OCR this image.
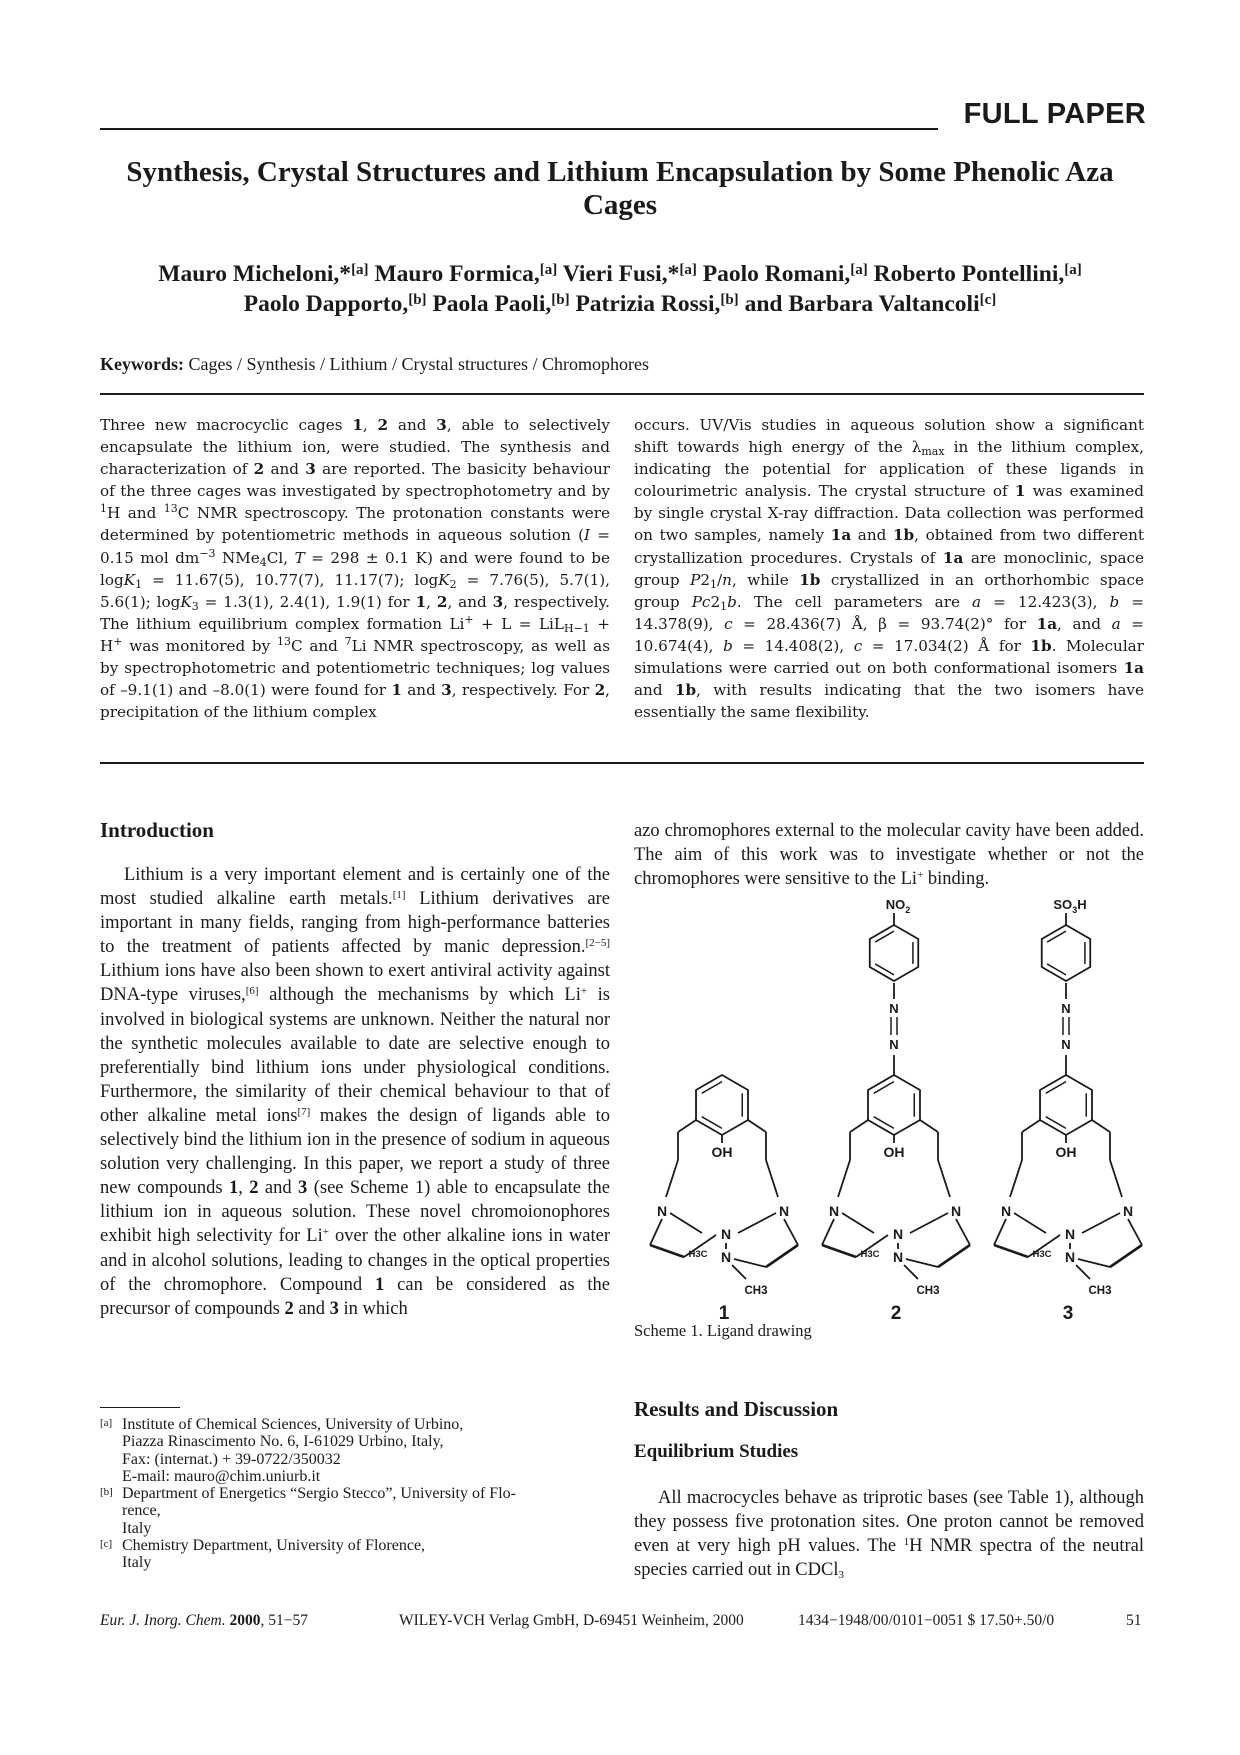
FULL PAPER
Synthesis, Crystal Structures and Lithium Encapsulation by Some Phenolic Aza Cages
Mauro Micheloni,*[a] Mauro Formica,[a] Vieri Fusi,*[a] Paolo Romani,[a] Roberto Pontellini,[a]
Paolo Dapporto,[b] Paola Paoli,[b] Patrizia Rossi,[b] and Barbara Valtancoli[c]
Keywords: Cages / Synthesis / Lithium / Crystal structures / Chromophores
Three new macrocyclic cages 1, 2 and 3, able to selectively encapsulate the lithium ion, were studied. The synthesis and characterization of 2 and 3 are reported. The basicity behaviour of the three cages was investigated by spectrophotometry and by $^1$H and $^{13}$C NMR spectroscopy. The protonation constants were determined by potentiometric methods in aqueous solution (I = 0.15 mol $dm^{-3}$ NMe$_4$Cl, T = 298 ± 0.1 K) and were found to be logK$_1$ = 11.67(5), 10.77(7), 11.17(7); logK$_2$ = 7.76(5), 5.7(1), 5.6(1); logK$_3$ = 1.3(1), 2.4(1), 1.9(1) for 1, 2, and 3, respectively. The lithium equilibrium complex formation Li+ + L = LiL$_{H-1}$ + H+ was monitored by $^{13}$C and $^7$Li NMR spectroscopy, as well as by spectrophotometric and potentiometric techniques; log values of –9.1(1) and –8.0(1) were found for 1 and 3, respectively. For 2, precipitation of the lithium complex
occurs. UV/Vis studies in aqueous solution show a significant shift towards high energy of the $\lambda_{max}$ in the lithium complex, indicating the potential for application of these ligands in colourimetric analysis. The crystal structure of 1 was examined by single crystal X-ray diffraction. Data collection was performed on two samples, namely 1a and 1b, obtained from two different crystallization procedures. Crystals of 1a are monoclinic, space group $P2_1/n$, while 1b crystallized in an orthorhombic space group $Pc2_1b$. The cell parameters are a = 12.423(3), b = 14.378(9), c = 28.436(7) Å, β = 93.74(2)° for 1a, and a = 10.674(4), b = 14.408(2), c = 17.034(2) Å for 1b. Molecular simulations were carried out on both conformational isomers 1a and 1b, with results indicating that the two isomers have essentially the same flexibility.
Introduction
Lithium is a very important element and is certainly one of the most studied alkaline earth metals.[1] Lithium derivatives are important in many fields, ranging from high-performance batteries to the treatment of patients affected by manic depression.[2−5] Lithium ions have also been shown to exert antiviral activity against DNA-type viruses,[6] although the mechanisms by which Li+ is involved in biological systems are unknown. Neither the natural nor the synthetic molecules available to date are selective enough to preferentially bind lithium ions under physiological conditions. Furthermore, the similarity of their chemical behaviour to that of other alkaline metal ions[7] makes the design of ligands able to selectively bind the lithium ion in the presence of sodium in aqueous solution very challenging. In this paper, we report a study of three new compounds 1, 2 and 3 (see Scheme 1) able to encapsulate the lithium ion in aqueous solution. These novel chromoionophores exhibit high selectivity for Li+ over the other alkaline ions in water and in alcohol solutions, leading to changes in the optical properties of the chromophore. Compound 1 can be considered as the precursor of compounds 2 and 3 in which
azo chromophores external to the molecular cavity have been added. The aim of this work was to investigate whether or not the chromophores were sensitive to the Li+ binding.
OH
N	N
N
N
H3C
CH3
1
OH
N	N
N
N
H3C
CH3
2
N
N
$NO_2$
OH
N	N
N
N
H3C
CH3
3
N
N
$SO_3H$
Scheme 1. Ligand drawing
Results and Discussion
Equilibrium Studies
All macrocycles behave as triprotic bases (see Table 1), although they possess five protonation sites. One proton cannot be removed even at very high pH values. The $^1$H NMR spectra of the neutral species carried out in CDCl$_3$
[a] Institute of Chemical Sciences, University of Urbino,
Piazza Rinascimento No. 6, I-61029 Urbino, Italy,
Fax: (internat.) + 39-0722/350032
E-mail: mauro@chim.uniurb.it
[b] Department of Energetics “Sergio Stecco”, University of Flo-
rence,
Italy
[c] Chemistry Department, University of Florence,
Italy
Eur. J. Inorg. Chem. 2000, 51−57	WILEY-VCH Verlag GmbH, D-69451 Weinheim, 2000	1434−1948/00/0101−0051 $ 17.50+.50/0	51
